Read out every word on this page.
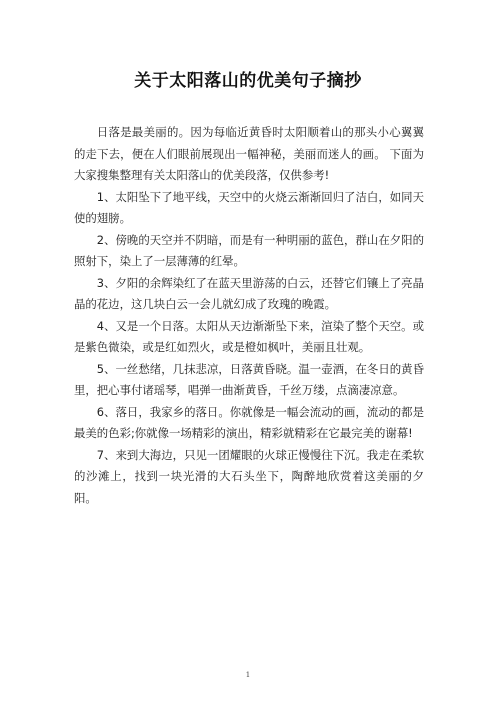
关于太阳落山的优美句子摘抄

日落是最美丽的。因为每临近黄昏时太阳顺着山的那头小心翼翼的走下去，便在人们眼前展现出一幅神秘，美丽而迷人的画。 下面为大家搜集整理有关太阳落山的优美段落，仅供参考!

1、太阳坠下了地平线，天空中的火烧云渐渐回归了洁白，如同天使的翅膀。

2、傍晚的天空并不阴暗，而是有一种明丽的蓝色，群山在夕阳的照射下，染上了一层薄薄的红晕。

3、夕阳的余辉染红了在蓝天里游荡的白云，还替它们镶上了亮晶晶的花边，这几块白云一会儿就幻成了玫瑰的晚霞。

4、又是一个日落。太阳从天边渐渐坠下来，渲染了整个天空。或是紫色微染，或是红如烈火，或是橙如枫叶，美丽且壮观。

5、一丝愁绪，几抹悲凉，日落黄昏晓。温一壶酒，在冬日的黄昏里，把心事付诸瑶琴，唱弹一曲渐黄昏，千丝万缕，点滴凄凉意。

6、落日，我家乡的落日。你就像是一幅会流动的画，流动的都是最美的色彩;你就像一场精彩的演出，精彩就精彩在它最完美的谢幕!

7、来到大海边，只见一团耀眼的火球正慢慢往下沉。我走在柔软的沙滩上，找到一块光滑的大石头坐下，陶醉地欣赏着这美丽的夕阳。

1
